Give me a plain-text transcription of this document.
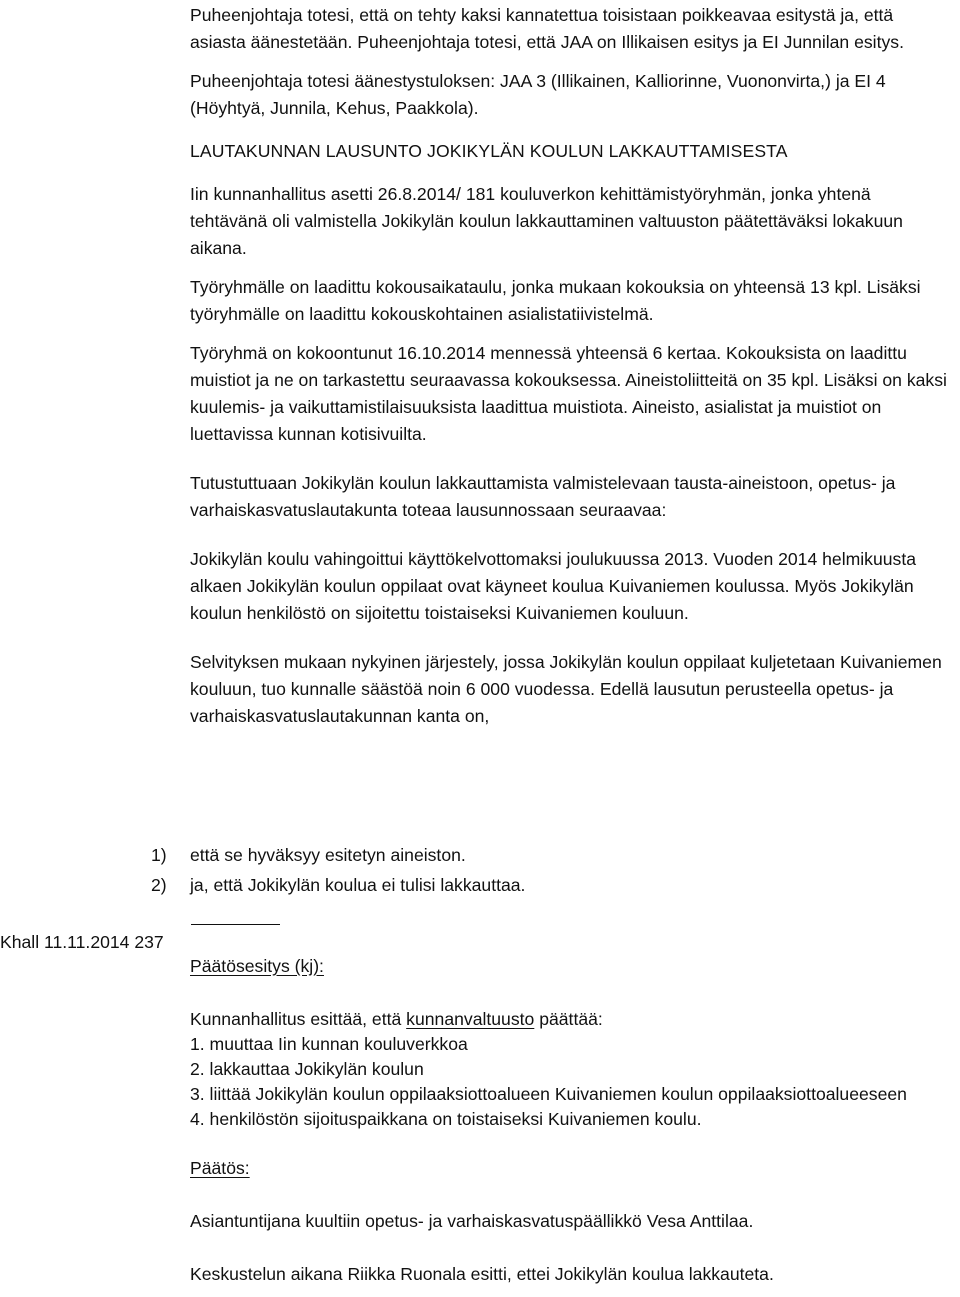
Puheenjohtaja totesi, että on tehty kaksi kannatettua toisistaan poikkeavaa esitystä ja, että asiasta äänestetään. Puheenjohtaja totesi, että JAA on Illikaisen esitys ja EI Junnilan esitys.

Puheenjohtaja totesi äänestystuloksen: JAA 3 (Illikainen, Kalliorinne, Vuononvirta,) ja EI 4 (Höyhtyä, Junnila, Kehus, Paakkola).

LAUTAKUNNAN LAUSUNTO JOKIKYLÄN KOULUN LAKKAUTTAMISESTA

Iin kunnanhallitus asetti 26.8.2014/ 181 kouluverkon kehittämistyöryhmän, jonka yhtenä tehtävänä oli valmistella Jokikylän koulun lakkauttaminen valtuuston päätettäväksi lokakuun aikana.

Työryhmälle on laadittu kokousaikataulu, jonka mukaan kokouksia on yhteensä 13 kpl. Lisäksi työryhmälle on laadittu kokouskohtainen asialistatiivistelmä.

Työryhmä on kokoontunut 16.10.2014 mennessä yhteensä 6 kertaa. Kokouksista on laadittu muistiot ja ne on tarkastettu seuraavassa kokouksessa. Aineistoliitteitä on 35 kpl. Lisäksi on kaksi kuulemis- ja vaikuttamistilaisuuksista laadittua muistiota. Aineisto, asialistat ja muistiot on luettavissa kunnan kotisivuilta.

Tutustuttuaan Jokikylän koulun lakkauttamista valmistelevaan tausta-aineistoon, opetus- ja varhaiskasvatuslautakunta toteaa lausunnossaan seuraavaa:

Jokikylän koulu vahingoittui käyttökelvottomaksi joulukuussa 2013. Vuoden 2014 helmikuusta alkaen Jokikylän koulun oppilaat ovat käyneet koulua Kuivaniemen koulussa. Myös Jokikylän koulun henkilöstö on sijoitettu toistaiseksi Kuivaniemen kouluun.

Selvityksen mukaan nykyinen järjestely, jossa Jokikylän koulun oppilaat kuljetetaan Kuivaniemen kouluun, tuo kunnalle säästöä noin 6 000 vuodessa. Edellä lausutun perusteella opetus- ja varhaiskasvatuslautakunnan kanta on,

1)	että se hyväksyy esitetyn aineiston.
2)	ja, että Jokikylän koulua ei tulisi lakkauttaa.
Khall 11.11.2014 237

Päätösesitys (kj):

Kunnanhallitus esittää, että kunnanvaltuusto päättää:

1. muuttaa Iin kunnan kouluverkkoa

2. lakkauttaa Jokikylän koulun

3. liittää Jokikylän koulun oppilaaksiottoalueen Kuivaniemen koulun oppilaaksiottoalueeseen

4. henkilöstön sijoituspaikkana on toistaiseksi Kuivaniemen koulu.

Päätös:

Asiantuntijana kuultiin opetus- ja varhaiskasvatuspäällikkö Vesa Anttilaa.

Keskustelun aikana Riikka Ruonala esitti, ettei Jokikylän koulua lakkauteta.
